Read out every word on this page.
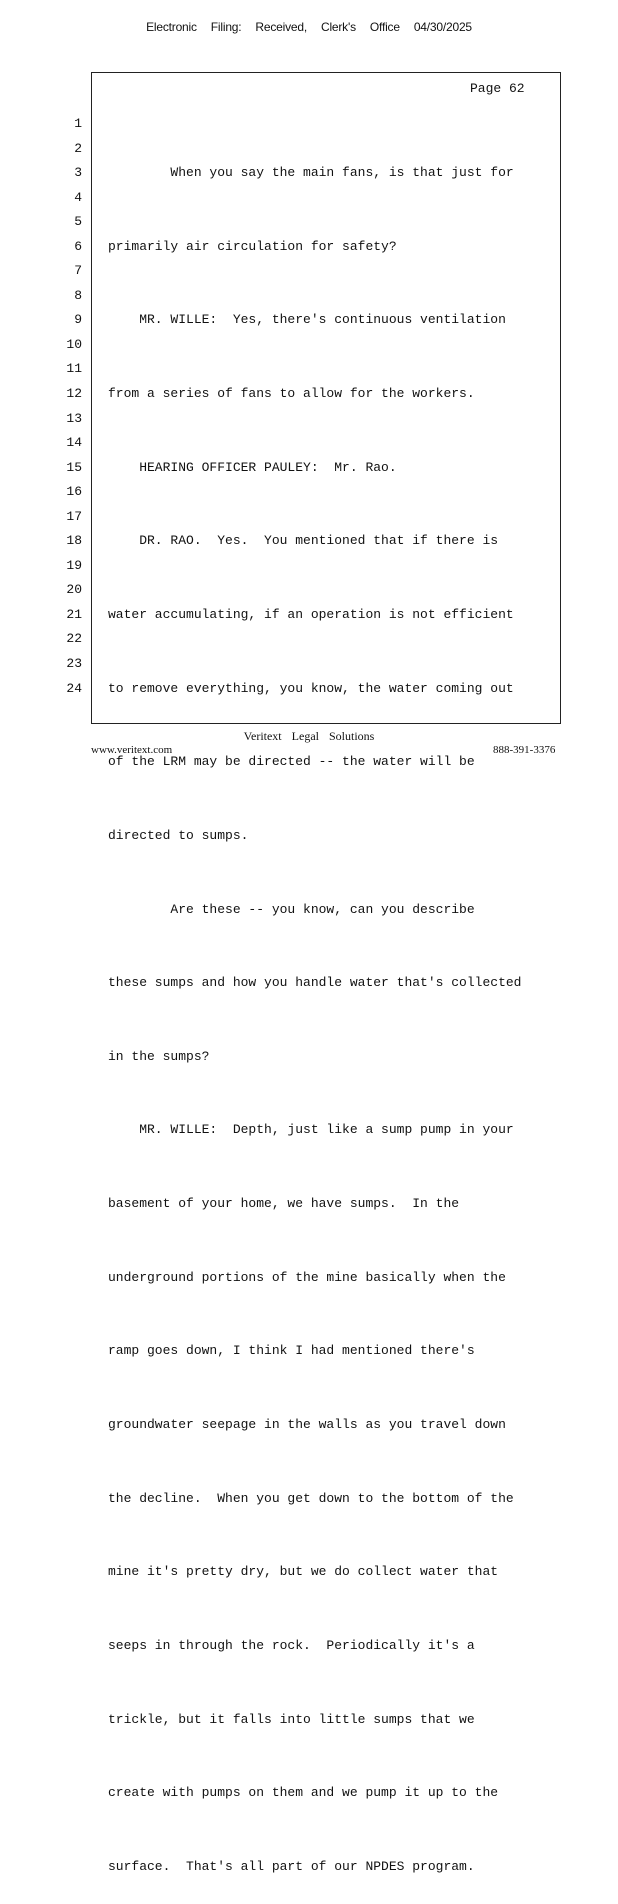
Electronic Filing: Received, Clerk's Office 04/30/2025
Page 62
1
2
3
4
5
6
7
8
9
10
11
12
13
14
15
16
17
18
19
20
21
22
23
24

When you say the main fans, is that just for

primarily air circulation for safety?

MR. WILLE:  Yes, there's continuous ventilation

from a series of fans to allow for the workers.

HEARING OFFICER PAULEY:  Mr. Rao.

DR. RAO.  Yes.  You mentioned that if there is

water accumulating, if an operation is not efficient

to remove everything, you know, the water coming out

of the LRM may be directed -- the water will be

directed to sumps.

Are these -- you know, can you describe

these sumps and how you handle water that's collected

in the sumps?

MR. WILLE:  Depth, just like a sump pump in your

basement of your home, we have sumps.  In the

underground portions of the mine basically when the

ramp goes down, I think I had mentioned there's

groundwater seepage in the walls as you travel down

the decline.  When you get down to the bottom of the

mine it's pretty dry, but we do collect water that

seeps in through the rock.  Periodically it's a

trickle, but it falls into little sumps that we

create with pumps on them and we pump it up to the

surface.  That's all part of our NPDES program.

Veritext Legal Solutions
www.veritext.com	888-391-3376
